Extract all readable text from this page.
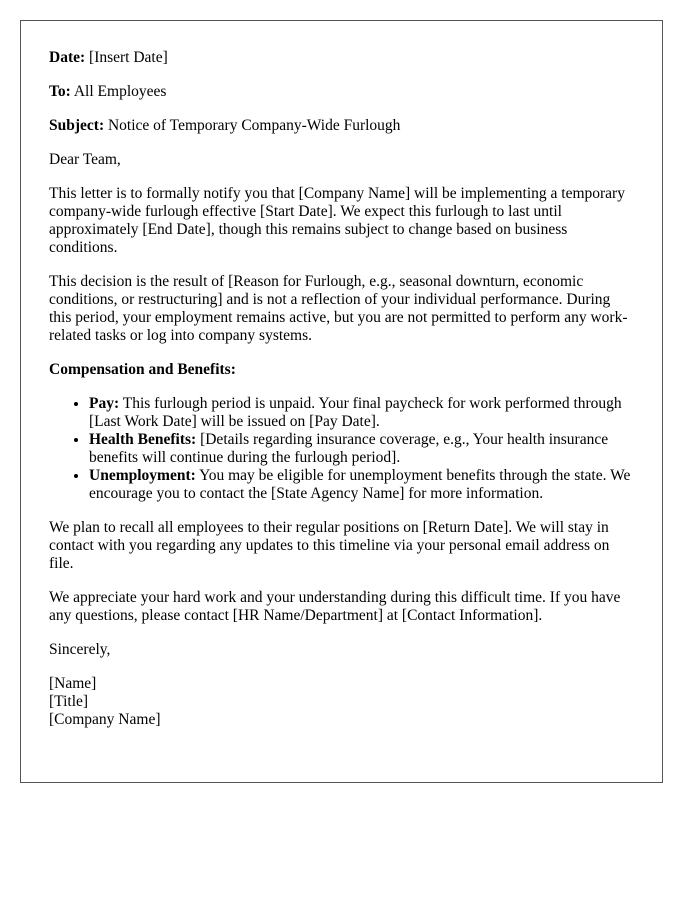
Date: [Insert Date]

To: All Employees

Subject: Notice of Temporary Company-Wide Furlough

Dear Team,

This letter is to formally notify you that [Company Name] will be implementing a temporary company-wide furlough effective [Start Date]. We expect this furlough to last until approximately [End Date], though this remains subject to change based on business conditions.

This decision is the result of [Reason for Furlough, e.g., seasonal downturn, economic conditions, or restructuring] and is not a reflection of your individual performance. During this period, your employment remains active, but you are not permitted to perform any work-related tasks or log into company systems.

Compensation and Benefits:

• Pay: This furlough period is unpaid. Your final paycheck for work performed through [Last Work Date] will be issued on [Pay Date].
• Health Benefits: [Details regarding insurance coverage, e.g., Your health insurance benefits will continue during the furlough period].
• Unemployment: You may be eligible for unemployment benefits through the state. We encourage you to contact the [State Agency Name] for more information.

We plan to recall all employees to their regular positions on [Return Date]. We will stay in contact with you regarding any updates to this timeline via your personal email address on file.

We appreciate your hard work and your understanding during this difficult time. If you have any questions, please contact [HR Name/Department] at [Contact Information].

Sincerely,

[Name]

[Title]

[Company Name]
